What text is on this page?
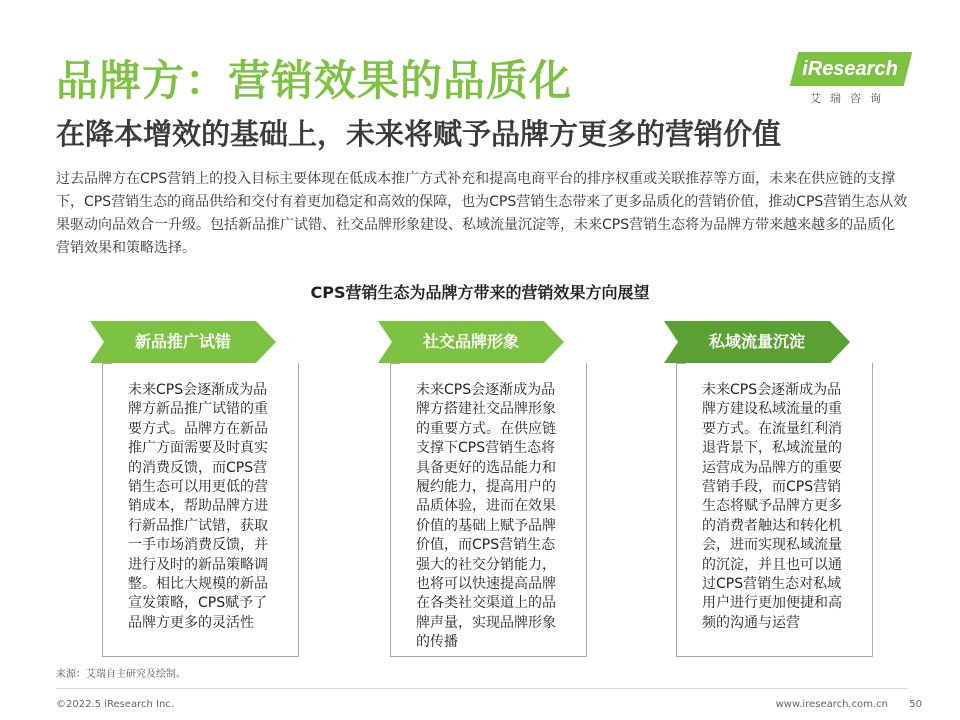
品牌方：营销效果的品质化
在降本增效的基础上，未来将赋予品牌方更多的营销价值
iResearch
艾瑞咨询

过去品牌方在CPS营销上的投入目标主要体现在低成本推广方式补充和提高电商平台的排序权重或关联推荐等方面，未来在供应链的支撑下，CPS营销生态的商品供给和交付有着更加稳定和高效的保障，也为CPS营销生态带来了更多品质化的营销价值，推动CPS营销生态从效果驱动向品效合一升级。包括新品推广试错、社交品牌形象建设、私域流量沉淀等，未来CPS营销生态将为品牌方带来越来越多的品质化营销效果和策略选择。

CPS营销生态为品牌方带来的营销效果方向展望
新品推广试错

未来CPS会逐渐成为品牌方新品推广试错的重要方式。品牌方在新品推广方面需要及时真实的消费反馈，而CPS营销生态可以用更低的营销成本，帮助品牌方进行新品推广试错，获取一手市场消费反馈，并进行及时的新品策略调整。相比大规模的新品宣发策略，CPS赋予了品牌方更多的灵活性

社交品牌形象

未来CPS会逐渐成为品牌方搭建社交品牌形象的重要方式。在供应链支撑下CPS营销生态将具备更好的选品能力和履约能力，提高用户的品质体验，进而在效果价值的基础上赋予品牌价值，而CPS营销生态强大的社交分销能力，也将可以快速提高品牌在各类社交渠道上的品牌声量，实现品牌形象的传播

私域流量沉淀

未来CPS会逐渐成为品牌方建设私域流量的重要方式。在流量红利消退背景下，私域流量的运营成为品牌方的重要营销手段，而CPS营销生态将赋予品牌方更多的消费者触达和转化机会，进而实现私域流量的沉淀，并且也可以通过CPS营销生态对私域用户进行更加便捷和高频的沟通与运营

来源：艾瑞自主研究及绘制。
©2022.5 iResearch Inc.	www.iresearch.com.cn	50
